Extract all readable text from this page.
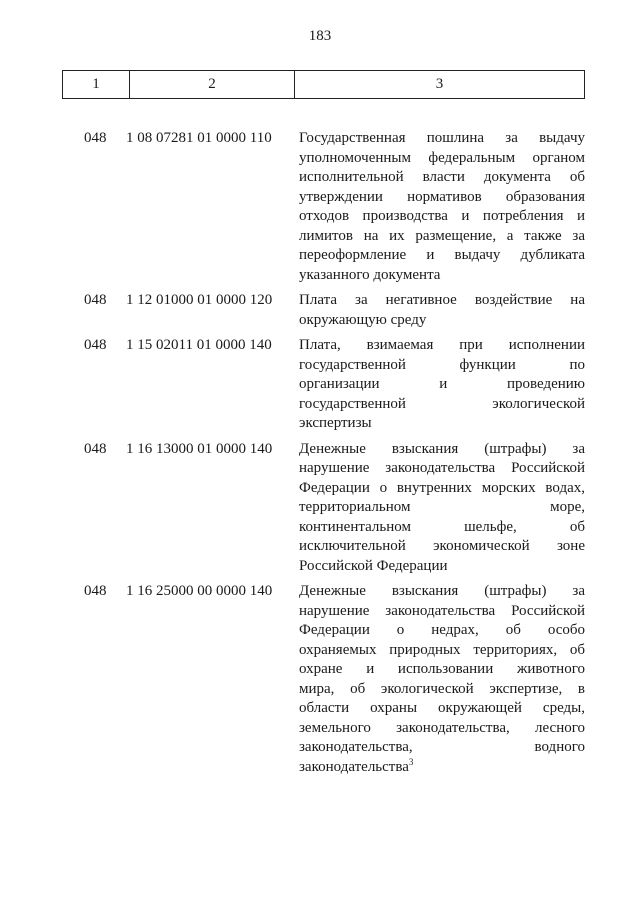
183
1	2	3
048	1 08 07281 01 0000 110	Государственная пошлина за выдачу
уполномоченным федеральным органом
исполнительной власти документа об
утверждении нормативов образования
отходов производства и потребления и
лимитов на их размещение, а также за
переоформление и выдачу дубликата
указанного документа
048	1 12 01000 01 0000 120	Плата за негативное воздействие на
окружающую среду
048	1 15 02011 01 0000 140	Плата, взимаемая при исполнении
государственной функции по
организации и проведению
государственной экологической
экспертизы
048	1 16 13000 01 0000 140	Денежные взыскания (штрафы) за
нарушение законодательства Российской
Федерации о внутренних морских водах,
территориальном море,
континентальном шельфе, об
исключительной экономической зоне
Российской Федерации
048	1 16 25000 00 0000 140	Денежные взыскания (штрафы) за
нарушение законодательства Российской
Федерации о недрах, об особо
охраняемых природных территориях, об
охране и использовании животного
мира, об экологической экспертизе, в
области охраны окружающей среды,
земельного законодательства, лесного
законодательства, водного
законодательства$^3$
